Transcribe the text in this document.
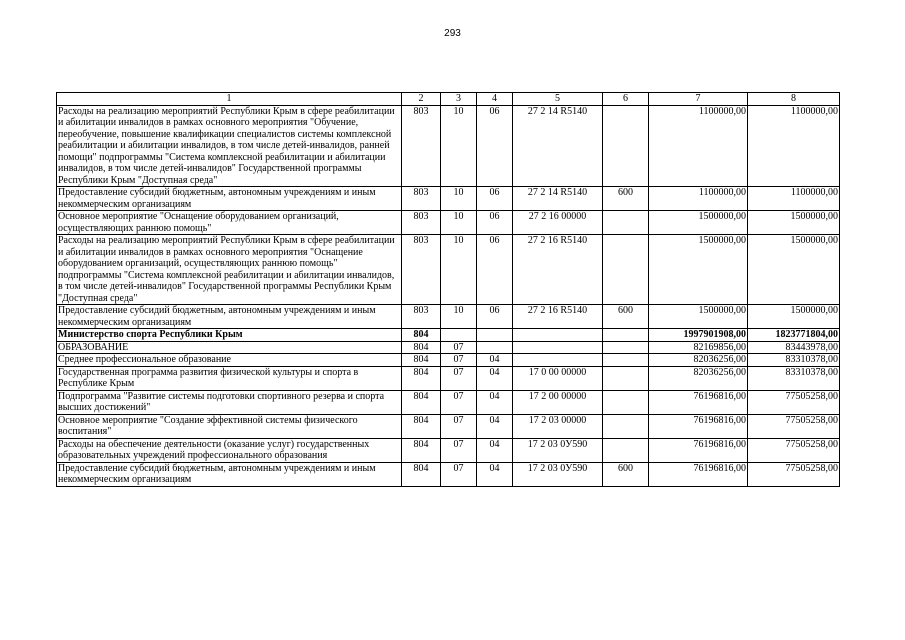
293
1	2	3	4	5	6	7	8
Расходы на реализацию мероприятий Республики Крым в сфере реабилитации и абилитации инвалидов в рамках основного мероприятия "Обучение, переобучение, повышение квалификации специалистов системы комплексной реабилитации и абилитации инвалидов, в том числе детей-инвалидов, ранней помощи" подпрограммы "Система комплексной реабилитации и абилитации инвалидов, в том числе детей-инвалидов" Государственной программы Республики Крым "Доступная среда"	803	10	06	27 2 14 R5140		1100000,00	1100000,00
Предоставление субсидий бюджетным, автономным учреждениям и иным некоммерческим организациям	803	10	06	27 2 14 R5140	600	1100000,00	1100000,00
Основное мероприятие "Оснащение оборудованием организаций, осуществляющих раннюю помощь"	803	10	06	27 2 16 00000		1500000,00	1500000,00
Расходы на реализацию мероприятий Республики Крым в сфере реабилитации и абилитации инвалидов в рамках основного мероприятия "Оснащение оборудованием организаций, осуществляющих раннюю помощь" подпрограммы "Система комплексной реабилитации и абилитации инвалидов, в том числе детей-инвалидов" Государственной программы Республики Крым "Доступная среда"	803	10	06	27 2 16 R5140		1500000,00	1500000,00
Предоставление субсидий бюджетным, автономным учреждениям и иным некоммерческим организациям	803	10	06	27 2 16 R5140	600	1500000,00	1500000,00
Министерство спорта Республики Крым	804					1997901908,00	1823771804,00
ОБРАЗОВАНИЕ	804	07				82169856,00	83443978,00
Среднее профессиональное образование	804	07	04			82036256,00	83310378,00
Государственная программа развития физической культуры и спорта в Республике Крым	804	07	04	17 0 00 00000		82036256,00	83310378,00
Подпрограмма "Развитие системы подготовки спортивного резерва и спорта высших достижений"	804	07	04	17 2 00 00000		76196816,00	77505258,00
Основное мероприятие "Создание эффективной системы физического воспитания"	804	07	04	17 2 03 00000		76196816,00	77505258,00
Расходы на обеспечение деятельности (оказание услуг) государственных образовательных учреждений профессионального образования	804	07	04	17 2 03 0У590		76196816,00	77505258,00
Предоставление субсидий бюджетным, автономным учреждениям и иным некоммерческим организациям	804	07	04	17 2 03 0У590	600	76196816,00	77505258,00
